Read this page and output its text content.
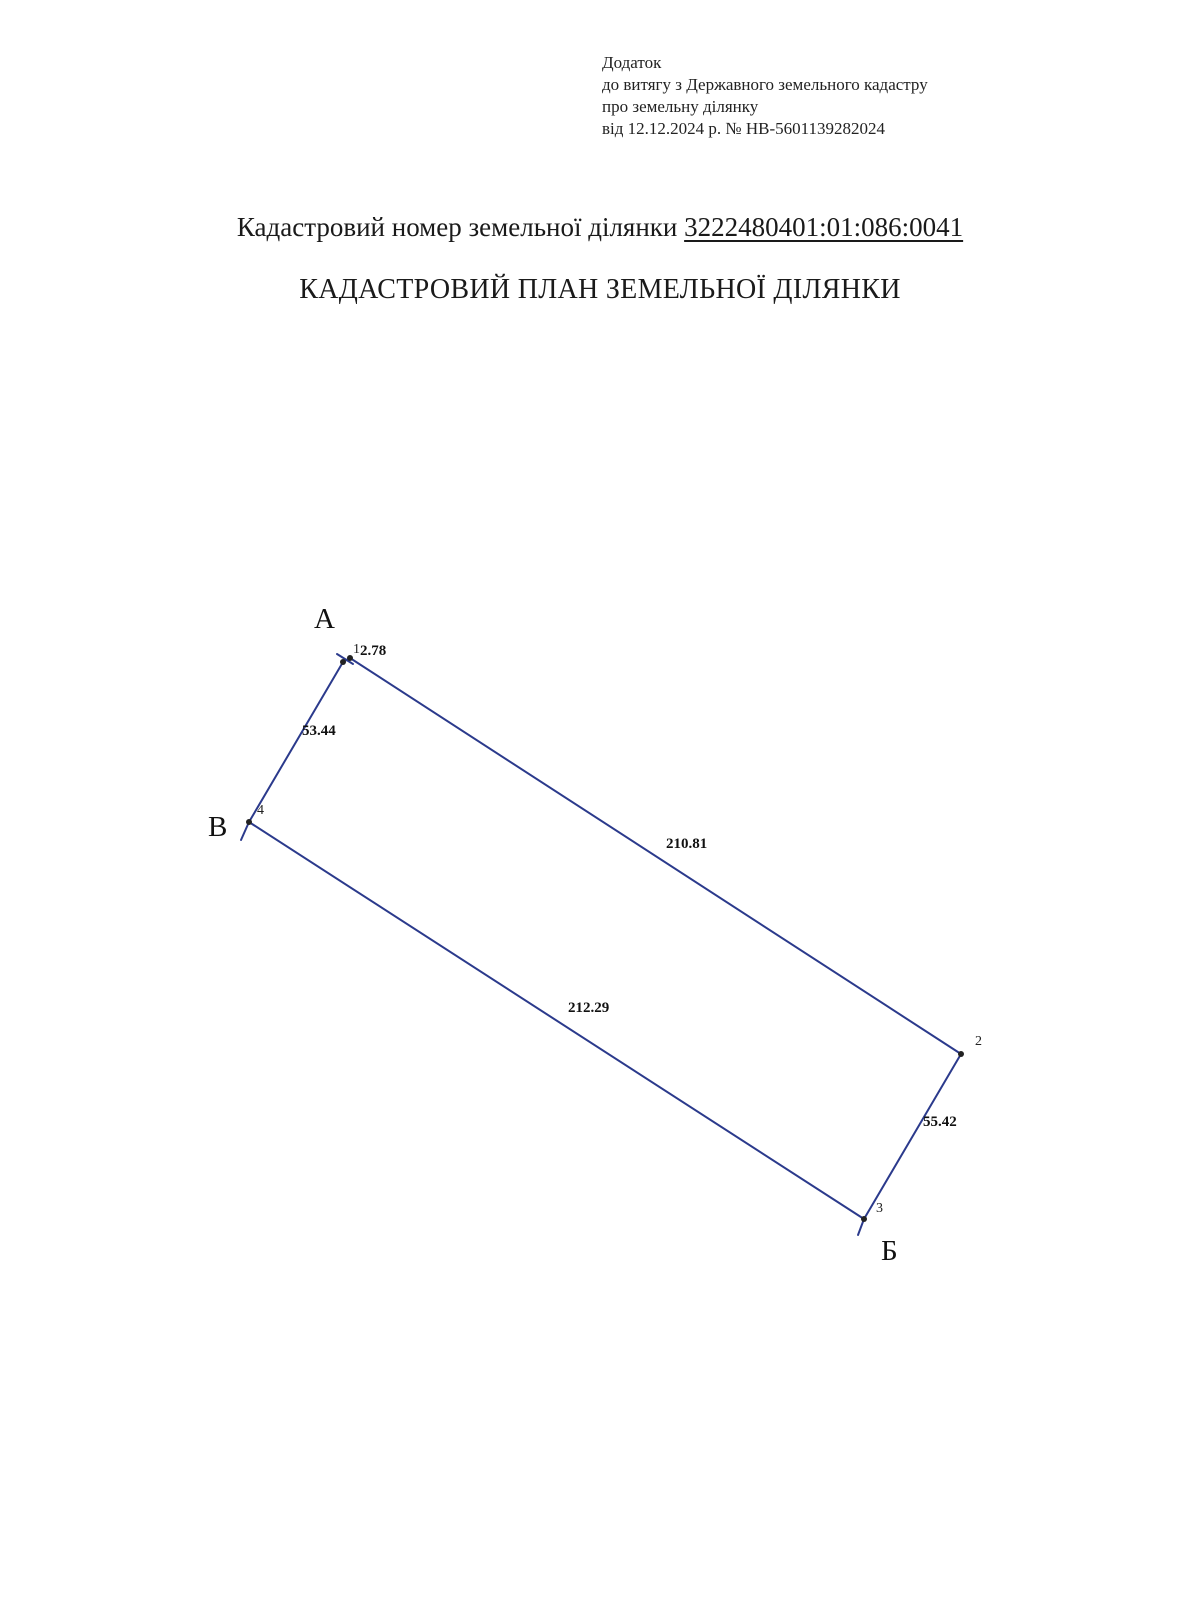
Додаток
до витягу з Державного земельного кадастру
про земельну ділянку
від 12.12.2024 р. № НВ-5601139282024
Кадастровий номер земельної ділянки 3222480401:01:086:0041
КАДАСТРОВИЙ ПЛАН ЗЕМЕЛЬНОЇ ДІЛЯНКИ
А
В
Б
1
2
3
4
2.78
53.44
210.81
212.29
55.42
